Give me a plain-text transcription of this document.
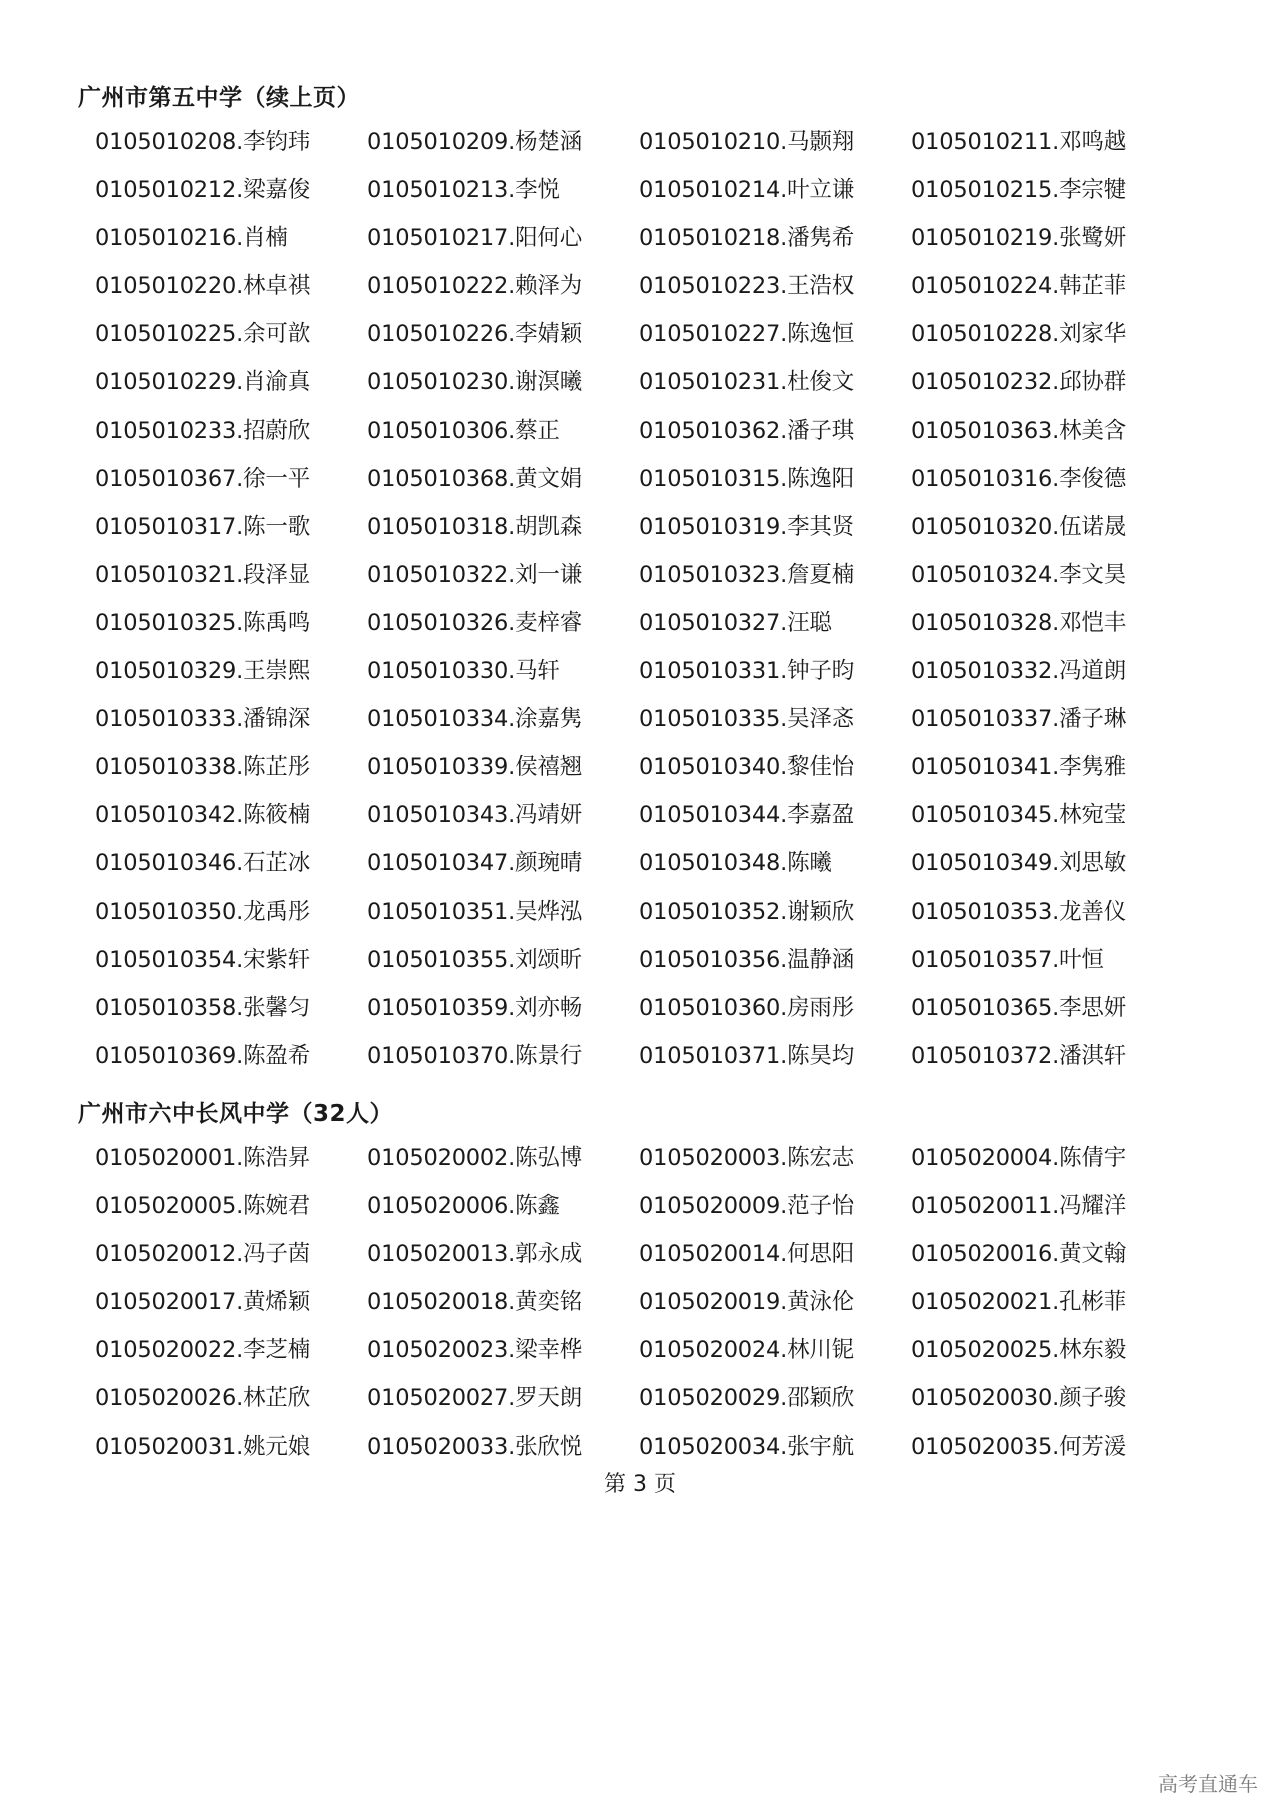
广州市第五中学（续上页）
0105010208.李钧玮	0105010209.杨楚涵	0105010210.马颢翔	0105010211.邓鸣越
0105010212.梁嘉俊	0105010213.李悦	0105010214.叶立谦	0105010215.李宗犍
0105010216.肖楠	0105010217.阳何心	0105010218.潘隽希	0105010219.张鹭妍
0105010220.林卓祺	0105010222.赖泽为	0105010223.王浩权	0105010224.韩芷菲
0105010225.余可歆	0105010226.李婧颖	0105010227.陈逸恒	0105010228.刘家华
0105010229.肖渝真	0105010230.谢溟曦	0105010231.杜俊文	0105010232.邱协群
0105010233.招蔚欣	0105010306.蔡正	0105010362.潘子琪	0105010363.林美含
0105010367.徐一平	0105010368.黄文娟	0105010315.陈逸阳	0105010316.李俊德
0105010317.陈一歌	0105010318.胡凯森	0105010319.李其贤	0105010320.伍诺晟
0105010321.段泽显	0105010322.刘一谦	0105010323.詹夏楠	0105010324.李文昊
0105010325.陈禹鸣	0105010326.麦梓睿	0105010327.汪聪	0105010328.邓恺丰
0105010329.王崇熙	0105010330.马轩	0105010331.钟子昀	0105010332.冯道朗
0105010333.潘锦深	0105010334.涂嘉隽	0105010335.吴泽忞	0105010337.潘子琳
0105010338.陈芷彤	0105010339.侯禧翘	0105010340.黎佳怡	0105010341.李隽雅
0105010342.陈筱楠	0105010343.冯靖妍	0105010344.李嘉盈	0105010345.林宛莹
0105010346.石芷冰	0105010347.颜琬晴	0105010348.陈曦	0105010349.刘思敏
0105010350.龙禹彤	0105010351.吴烨泓	0105010352.谢颖欣	0105010353.龙善仪
0105010354.宋紫轩	0105010355.刘颂昕	0105010356.温静涵	0105010357.叶恒
0105010358.张馨匀	0105010359.刘亦畅	0105010360.房雨彤	0105010365.李思妍
0105010369.陈盈希	0105010370.陈景行	0105010371.陈昊均	0105010372.潘淇轩
广州市六中长风中学（32人）
0105020001.陈浩昇	0105020002.陈弘博	0105020003.陈宏志	0105020004.陈倩宇
0105020005.陈婉君	0105020006.陈鑫	0105020009.范子怡	0105020011.冯耀洋
0105020012.冯子茵	0105020013.郭永成	0105020014.何思阳	0105020016.黄文翰
0105020017.黄烯颖	0105020018.黄奕铭	0105020019.黄泳伦	0105020021.孔彬菲
0105020022.李芝楠	0105020023.梁幸桦	0105020024.林川铌	0105020025.林东毅
0105020026.林芷欣	0105020027.罗天朗	0105020029.邵颖欣	0105020030.颜子骏
0105020031.姚元娘	0105020033.张欣悦	0105020034.张宇航	0105020035.何芳湲
第 3 页
高考直通车
